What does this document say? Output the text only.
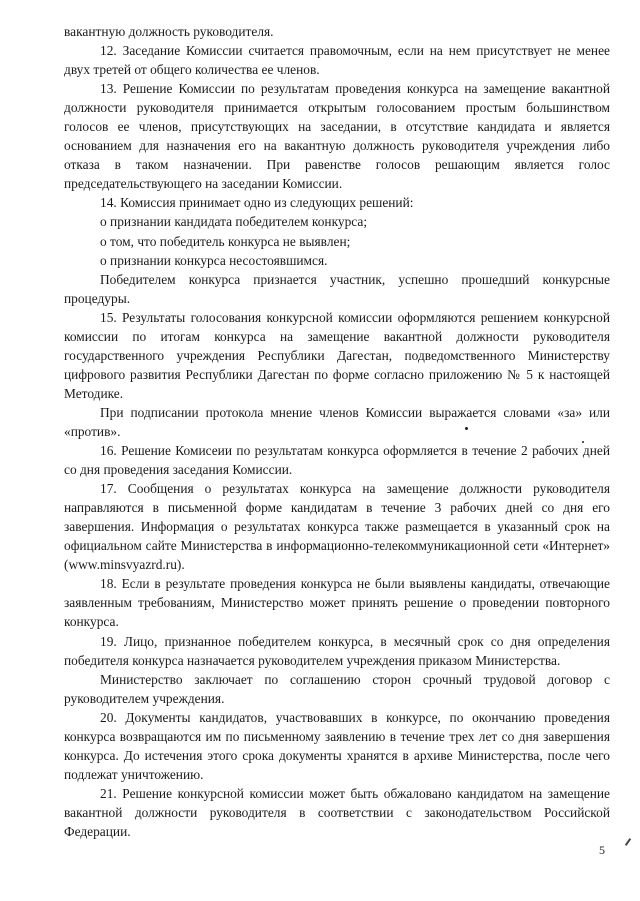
вакантную должность руководителя.

12. Заседание Комиссии считается правомочным, если на нем присутствует не менее двух третей от общего количества ее членов.

13. Решение Комиссии по результатам проведения конкурса на замещение вакантной должности руководителя принимается открытым голосованием простым большинством голосов ее членов, присутствующих на заседании, в отсутствие кандидата и является основанием для назначения его на вакантную должность руководителя учреждения либо отказа в таком назначении. При равенстве голосов решающим является голос председательствующего на заседании Комиссии.

14. Комиссия принимает одно из следующих решений:

о признании кандидата победителем конкурса;

о том, что победитель конкурса не выявлен;

о признании конкурса несостоявшимся.

Победителем конкурса признается участник, успешно прошедший конкурсные процедуры.

15. Результаты голосования конкурсной комиссии оформляются решением конкурсной комиссии по итогам конкурса на замещение вакантной должности руководителя государственного учреждения Республики Дагестан, подведомственного Министерству цифрового развития Республики Дагестан по форме согласно приложению № 5 к настоящей Методике.

При подписании протокола мнение членов Комиссии выражается словами «за» или «против».

16. Решение Комисеии по результатам конкурса оформляется в течение 2 рабочих дней со дня проведения заседания Комиссии.

17. Сообщения о результатах конкурса на замещение должности руководителя направляются в письменной форме кандидатам в течение 3 рабочих дней со дня его завершения. Информация о результатах конкурса также размещается в указанный срок на официальном сайте Министерства в информационно-телекоммуникационной сети «Интернет» (www.minsvyazrd.ru).

18. Если в результате проведения конкурса не были выявлены кандидаты, отвечающие заявленным требованиям, Министерство может принять решение о проведении повторного конкурса.

19. Лицо, признанное победителем конкурса, в месячный срок со дня определения победителя конкурса назначается руководителем учреждения приказом Министерства.

Министерство заключает по соглашению сторон срочный трудовой договор с руководителем учреждения.

20. Документы кандидатов, участвовавших в конкурсе, по окончанию проведения конкурса возвращаются им по письменному заявлению в течение трех лет со дня завершения конкурса. До истечения этого срока документы хранятся в архиве Министерства, после чего подлежат уничтожению.

21. Решение конкурсной комиссии может быть обжаловано кандидатом на замещение вакантной должности руководителя в соответствии с законодательством Российской Федерации.

5
